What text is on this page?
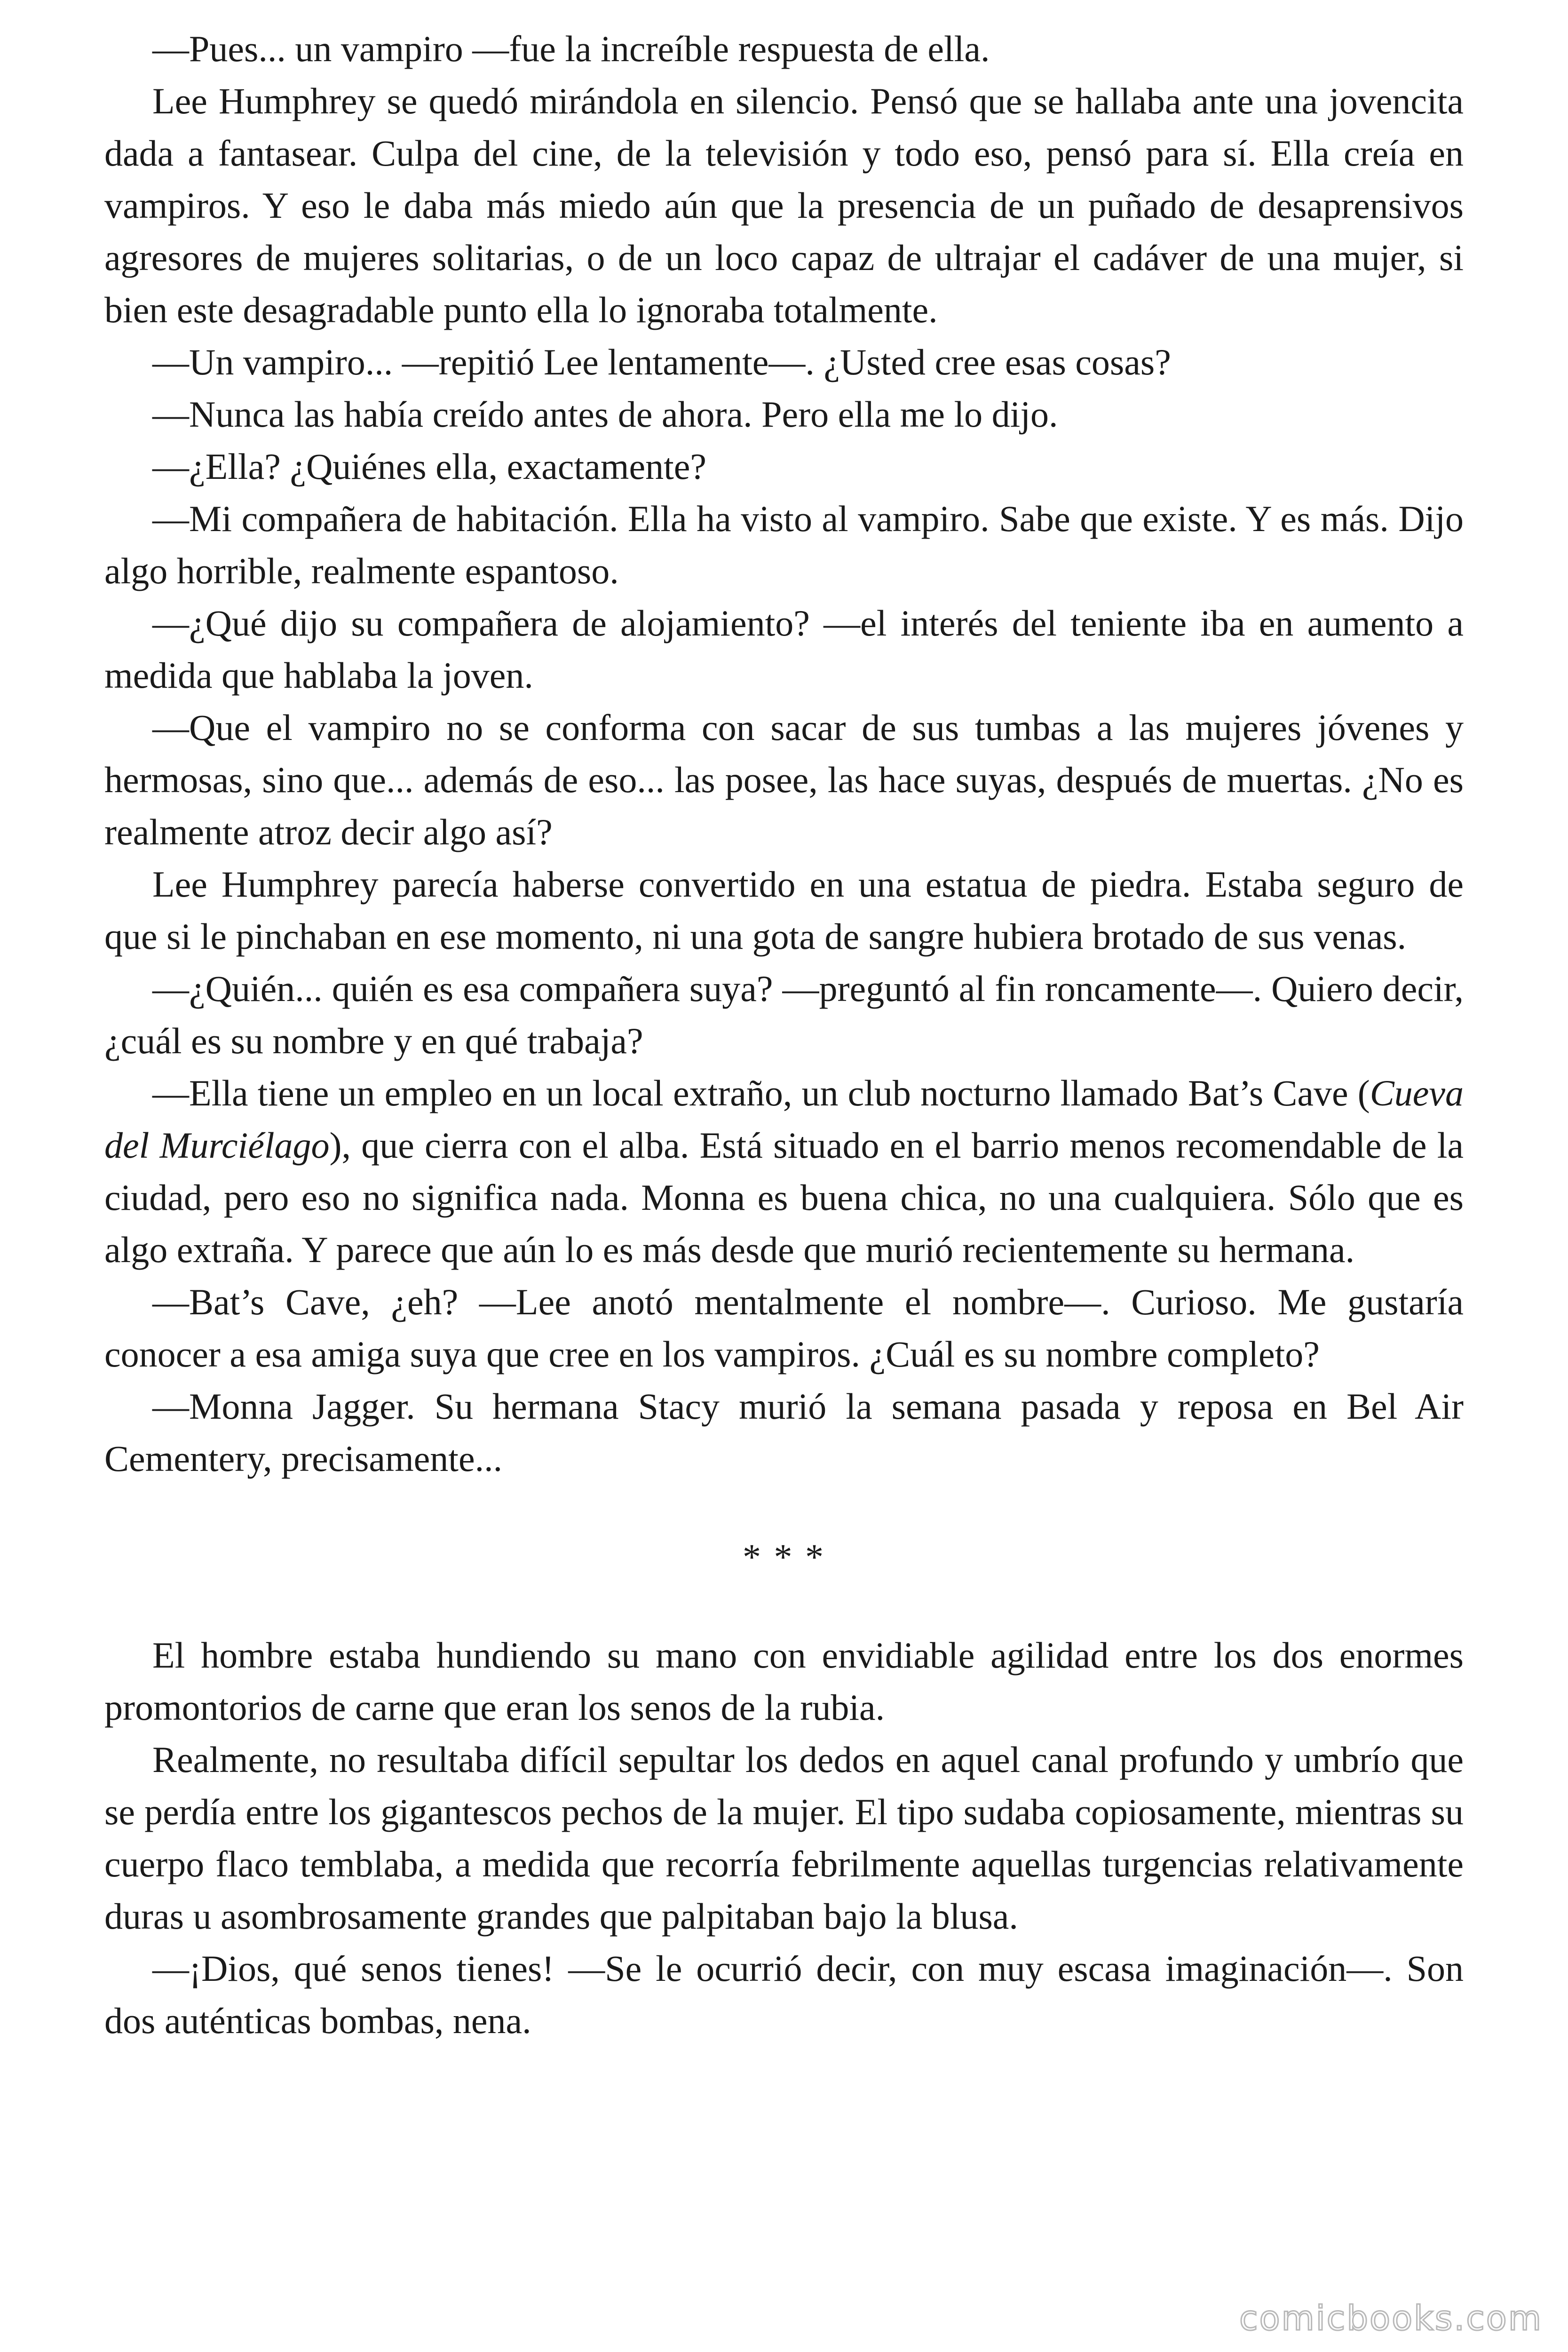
—Pues... un vampiro —fue la increíble respuesta de ella.

Lee Humphrey se quedó mirándola en silencio. Pensó que se hallaba ante una jovencita dada a fantasear. Culpa del cine, de la televisión y todo eso, pensó para sí. Ella creía en vampiros. Y eso le daba más miedo aún que la presencia de un puñado de desaprensivos agresores de mujeres solitarias, o de un loco capaz de ultrajar el cadáver de una mujer, si bien este desagradable punto ella lo ignoraba totalmente.

—Un vampiro... —repitió Lee lentamente—. ¿Usted cree esas cosas?

—Nunca las había creído antes de ahora. Pero ella me lo dijo.

—¿Ella? ¿Quiénes ella, exactamente?

—Mi compañera de habitación. Ella ha visto al vampiro. Sabe que existe. Y es más. Dijo algo horrible, realmente espantoso.

—¿Qué dijo su compañera de alojamiento? —el interés del teniente iba en aumento a medida que hablaba la joven.

—Que el vampiro no se conforma con sacar de sus tumbas a las mujeres jóvenes y hermosas, sino que... además de eso... las posee, las hace suyas, después de muertas. ¿No es realmente atroz decir algo así?

Lee Humphrey parecía haberse convertido en una estatua de piedra. Estaba seguro de que si le pinchaban en ese momento, ni una gota de sangre hubiera brotado de sus venas.

—¿Quién... quién es esa compañera suya? —preguntó al fin roncamente—. Quiero decir, ¿cuál es su nombre y en qué trabaja?

—Ella tiene un empleo en un local extraño, un club nocturno llamado Bat’s Cave (Cueva del Murciélago), que cierra con el alba. Está situado en el barrio menos recomendable de la ciudad, pero eso no significa nada. Monna es buena chica, no una cualquiera. Sólo que es algo extraña. Y parece que aún lo es más desde que murió recientemente su hermana.

—Bat’s Cave, ¿eh? —Lee anotó mentalmente el nombre—. Curioso. Me gustaría conocer a esa amiga suya que cree en los vampiros. ¿Cuál es su nombre completo?

—Monna Jagger. Su hermana Stacy murió la semana pasada y reposa en Bel Air Cementery, precisamente...

* * *

El hombre estaba hundiendo su mano con envidiable agilidad entre los dos enormes promontorios de carne que eran los senos de la rubia.

Realmente, no resultaba difícil sepultar los dedos en aquel canal profundo y umbrío que se perdía entre los gigantescos pechos de la mujer. El tipo sudaba copiosamente, mientras su cuerpo flaco temblaba, a medida que recorría febrilmente aquellas turgencias relativamente duras u asombrosamente grandes que palpitaban bajo la blusa.

—¡Dios, qué senos tienes! —Se le ocurrió decir, con muy escasa imaginación—. Son dos auténticas bombas, nena.

comicbooks.com
